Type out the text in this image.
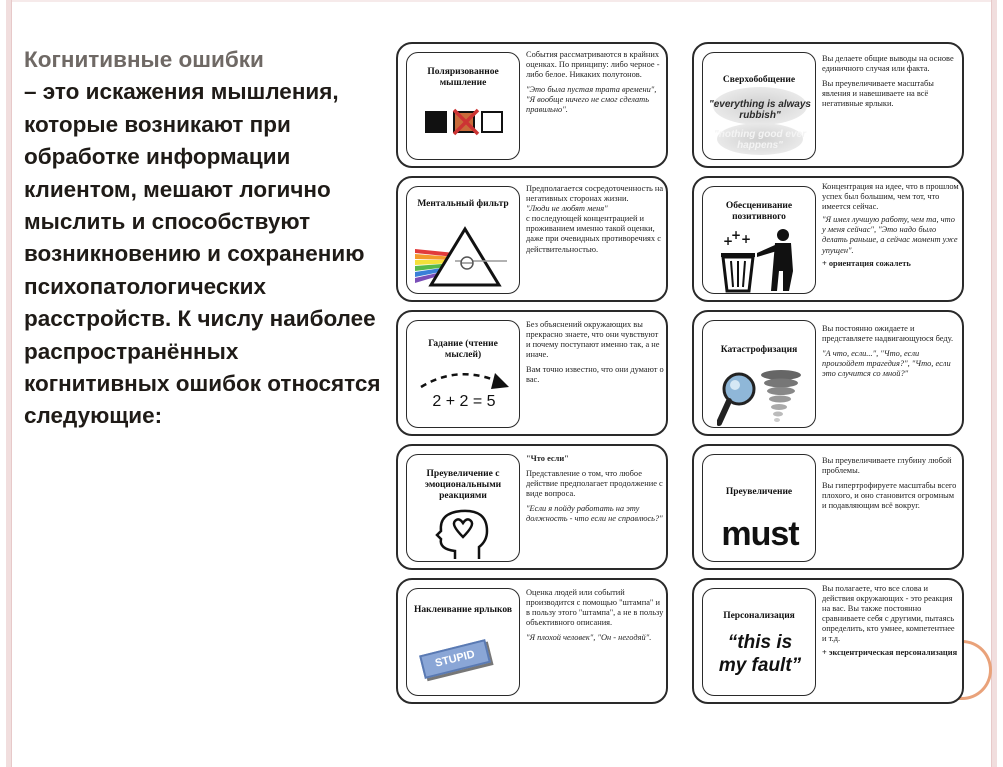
Когнитивные ошибки
– это искажения мышления, которые возникают при обработке информации клиентом, мешают логично мыслить и способствуют возникновению и сохранению психопатологических расстройств. К числу наиболее распространённых когнитивных ошибок относятся следующие:
Поляризованное мышление

События рассматриваются в крайних оценках. По принципу: либо черное - либо белое. Никаких полутонов.

"Это была пустая трата времени", "Я вообще ничего не смог сделать правильно".

Сверхобобщение
"everything is always rubbish"
"nothing good ever happens"

Вы делаете общие выводы на основе единичного случая или факта.

Вы преувеличиваете масштабы явления и навешиваете на всё негативные ярлыки.

Ментальный фильтр

Предполагается сосредоточенность на негативных сторонах жизни.

"Люди не любят меня"

с последующей концентрацией и проживанием именно такой оценки, даже при очевидных противоречиях с действительностью.

Обесценивание позитивного
+
+ +

Концентрация на идее, что в прошлом успех был большим, чем тот, что имеется сейчас.

"Я имел лучшую работу, чем та, что у меня сейчас", "Это надо было делать раньше, а сейчас момент уже упущен".

+ ориентация сожалеть

Гадание (чтение мыслей)
2 + 2 = 5

Без объяснений окружающих вы прекрасно знаете, что они чувствуют и почему поступают именно так, а не иначе.

Вам точно известно, что они думают о вас.

Катастрофизация

Вы постоянно ожидаете и представляете надвигающуюся беду.

"А что, если...", "Что, если произойдет трагедия?", "Что, если это случится со мной?"

Преувеличение с эмоциональными реакциями

"Что если"

Представление о том, что любое действие предполагает продолжение с виде вопроса.

"Если я пойду работать на эту должность - что если не справлюсь?"

Преувеличение
must

Вы преувеличиваете глубину любой проблемы.

Вы гипертрофируете масштабы всего плохого, и оно становится огромным и подавляющим всё вокруг.

Наклеивание ярлыков
STUPID

Оценка людей или событий производится с помощью "штампа" и в пользу этого "штампа", а не в пользу объективного описания.

"Я плохой человек", "Он - негодяй".

Персонализация
“this is
my fault”

Вы полагаете, что все слова и действия окружающих - это реакция на вас. Вы также постоянно сравниваете себя с другими, пытаясь определить, кто умнее, компетентнее и т.д.

+ эксцентрическая персонализация
